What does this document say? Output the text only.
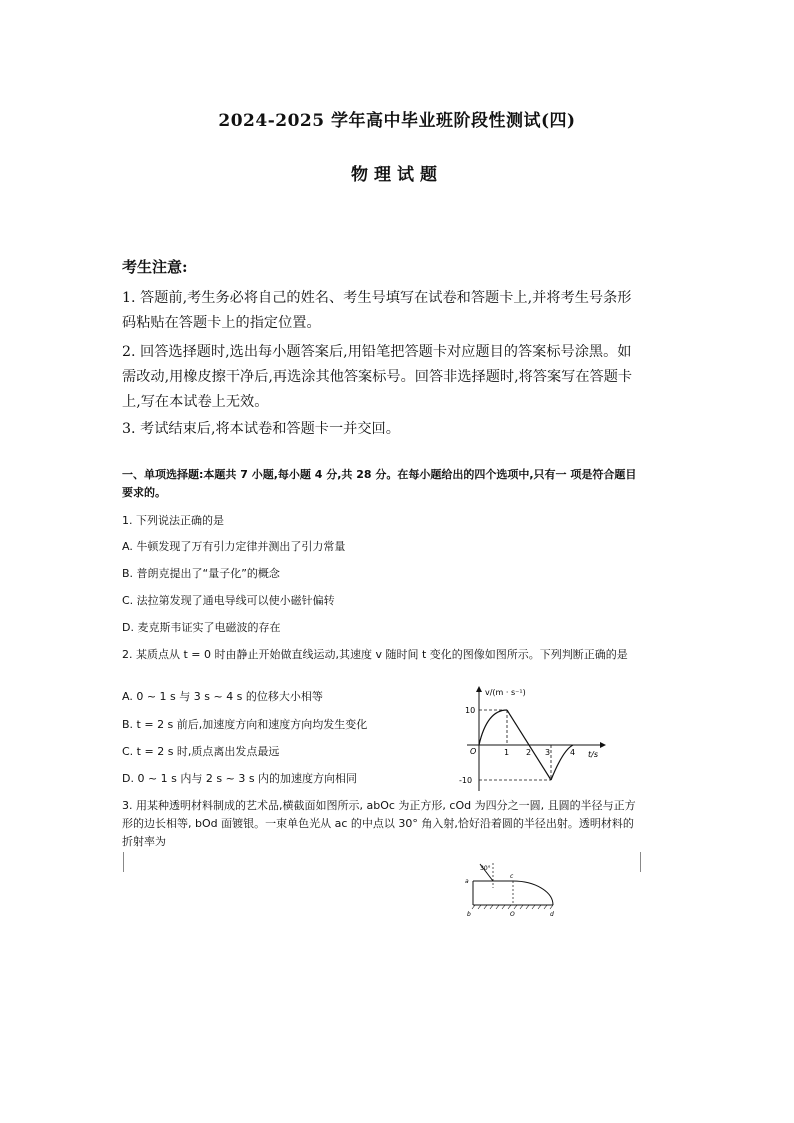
2024-2025 学年高中毕业班阶段性测试(四)
物理试题
考生注意:
1. 答题前,考生务必将自己的姓名、考生号填写在试卷和答题卡上,并将考生号条形码粘贴在答题卡上的指定位置。
2. 回答选择题时,选出每小题答案后,用铅笔把答题卡对应题目的答案标号涂黑。如需改动,用橡皮擦干净后,再选涂其他答案标号。回答非选择题时,将答案写在答题卡上,写在本试卷上无效。
3. 考试结束后,将本试卷和答题卡一并交回。
一、单项选择题:本题共 7 小题,每小题 4 分,共 28 分。在每小题给出的四个选项中,只有一 项是符合题目要求的。
1. 下列说法正确的是
A. 牛顿发现了万有引力定律并测出了引力常量
B. 普朗克提出了“量子化”的概念
C. 法拉第发现了通电导线可以使小磁针偏转
D. 麦克斯韦证实了电磁波的存在
2. 某质点从 t = 0 时由静止开始做直线运动,其速度 v 随时间 t 变化的图像如图所示。下列判断正确的是
A. 0 ~ 1 s 与 3 s ~ 4 s 的位移大小相等
B. t = 2 s 前后,加速度方向和速度方向均发生变化
C. t = 2 s 时,质点离出发点最远
D. 0 ~ 1 s 内与 2 s ~ 3 s 内的加速度方向相同
v/(m · s⁻¹)
t/s
O
10
-10
1 2 3 4
3. 用某种透明材料制成的艺术品,横截面如图所示, abOc 为正方形, cOd 为四分之一圆, 且圆的半径与正方形的边长相等, bOd 面镀银。一束单色光从 ac 的中点以 30° 角入射,恰好沿着圆的半径出射。透明材料的折射率为
30°
a
c
b	O	d
